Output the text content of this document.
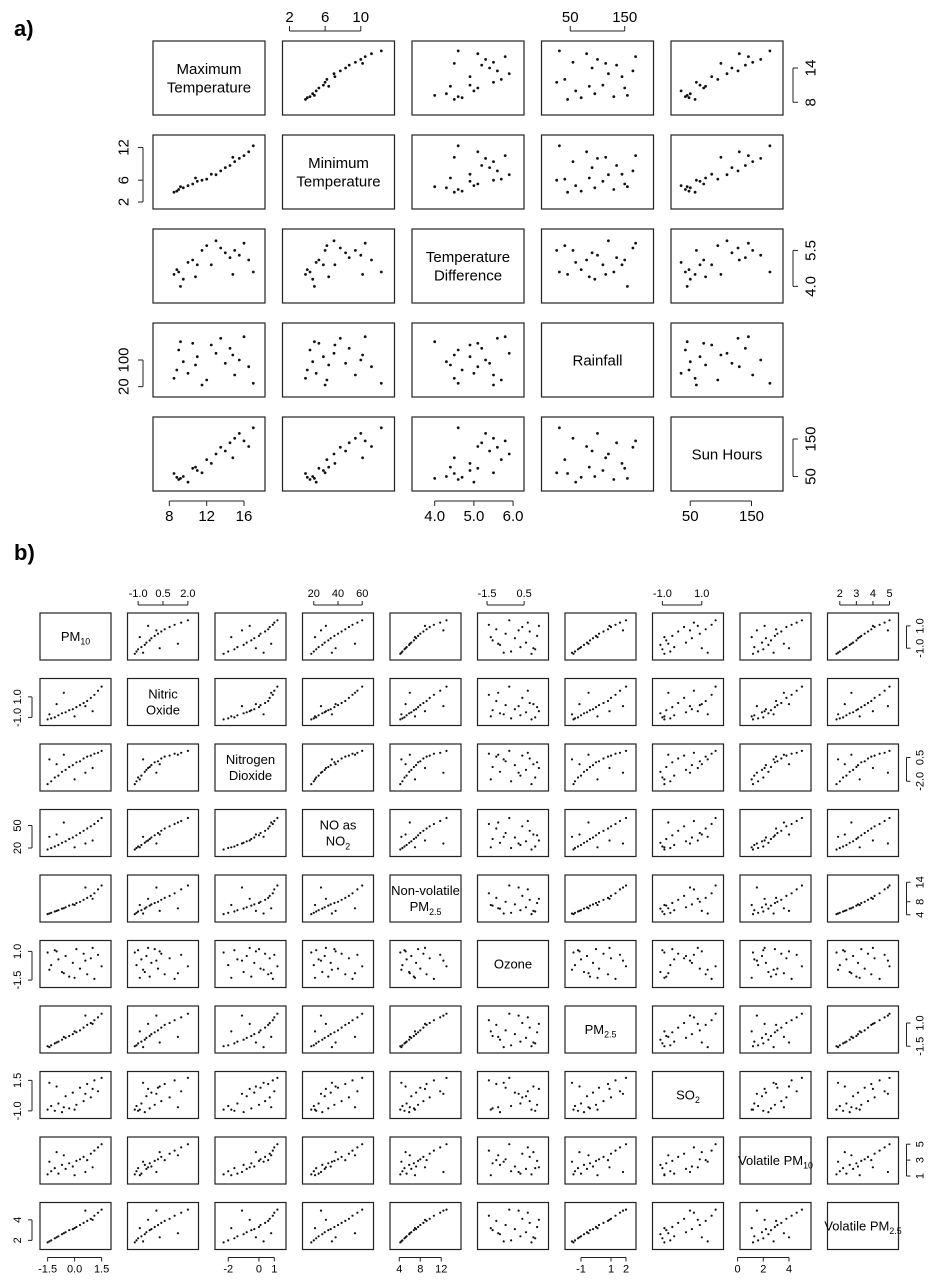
a)
b)
Maximum
Temperature
Minimum
Temperature
Temperature
Difference
Rainfall
Sun Hours
8 12 16
2 6 10
4.0 5.0 6.0
50 150
50	150
8
14
2
6
12
4.0
5.5
20
100
50
150
$PM_{10}$
Nitric
Oxide
Nitrogen
Dioxide
NO as
$NO_2$
Non-volatile
$PM_{2.5}$
Ozone
$PM_{2.5}$
$SO_2$
Volatile $PM_{10}$
Volatile $PM_{2.5}$
-1.5 0.0 1.5
-1.0 0.5 2.0
-2 0 1
20 40 60
4 8 12
-1.5 0.5
-1 1 2
-1.0 1.0
0 2 4
2 3 4 5
-1.0
1.0
-1.0
1.0
-2.0
0.5
20
50
4
8
14
-1.5
1.0
-1.5
1.0
-1.0
1.5
1
3
5
2
4
